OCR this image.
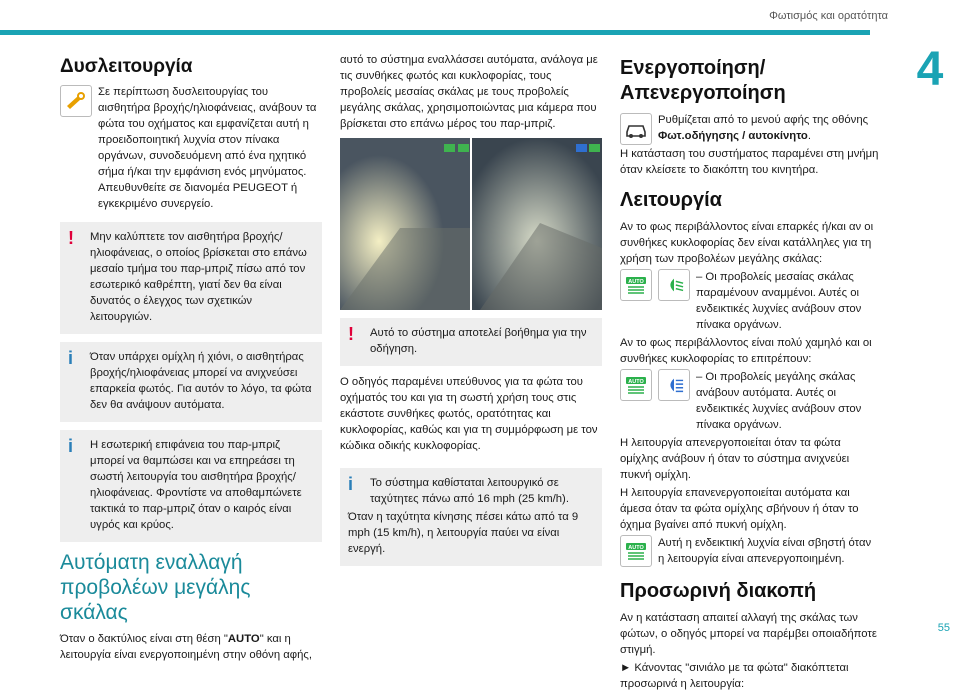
Φωτισμός και ορατότητα
4
55
Δυσλειτουργία

Σε περίπτωση δυσλειτουργίας του αισθητήρα βροχής/ηλιοφάνειας, ανάβουν τα φώτα του οχήματος και εμφανίζεται αυτή η προειδοποιητική λυχνία στον πίνακα οργάνων, συνοδευόμενη από ένα ηχητικό σήμα ή/και την εμφάνιση ενός μηνύματος. Απευθυνθείτε σε διανομέα PEUGEOT ή εγκεκριμένο συνεργείο.

!	Μην καλύπτετε τον αισθητήρα βροχής/ηλιοφάνειας, ο οποίος βρίσκεται στο επάνω μεσαίο τμήμα του παρ-μπριζ πίσω από τον εσωτερικό καθρέπτη, γιατί δεν θα είναι δυνατός ο έλεγχος των σχετικών λειτουργιών.

i	Όταν υπάρχει ομίχλη ή χιόνι, ο αισθητήρας βροχής/ηλιοφάνειας μπορεί να ανιχνεύσει επαρκεία φωτός. Για αυτόν το λόγο, τα φώτα δεν θα ανάψουν αυτόματα.

i	Η εσωτερική επιφάνεια του παρ-μπριζ μπορεί να θαμπώσει και να επηρεάσει τη σωστή λειτουργία του αισθητήρα βροχής/ηλιοφάνειας. Φροντίστε να αποθαμπώνετε τακτικά το παρ-μπριζ όταν ο καιρός είναι υγρός και κρύος.

Αυτόματη εναλλαγή προβολέων μεγάλης σκάλας

Όταν ο δακτύλιος είναι στη θέση "AUTO" και η λειτουργία είναι ενεργοποιημένη στην οθόνη αφής,

αυτό το σύστημα εναλλάσσει αυτόματα, ανάλογα με τις συνθήκες φωτός και κυκλοφορίας, τους προβολείς μεσαίας σκάλας με τους προβολείς μεγάλης σκάλας, χρησιμοποιώντας μια κάμερα που βρίσκεται στο επάνω μέρος του παρ-μπριζ.

!	Αυτό το σύστημα αποτελεί βοήθημα για την οδήγηση.

Ο οδηγός παραμένει υπεύθυνος για τα φώτα του οχήματός του και για τη σωστή χρήση τους στις εκάστοτε συνθήκες φωτός, ορατότητας και κυκλοφορίας, καθώς και για τη συμμόρφωση με τον κώδικα οδικής κυκλοφορίας.

i	Το σύστημα καθίσταται λειτουργικό σε ταχύτητες πάνω από 16 mph (25 km/h).

Όταν η ταχύτητα κίνησης πέσει κάτω από τα 9 mph (15 km/h), η λειτουργία παύει να είναι ενεργή.

Ενεργοποίηση/ Απενεργοποίηση

Ρυθμίζεται από το μενού αφής της οθόνης Φωτ.οδήγησης / αυτοκίνητο.

Η κατάσταση του συστήματος παραμένει στη μνήμη όταν κλείσετε το διακόπτη του κινητήρα.

Λειτουργία

Αν το φως περιβάλλοντος είναι επαρκές ή/και αν οι συνθήκες κυκλοφορίας δεν είναι κατάλληλες για τη χρήση των προβολέων μεγάλης σκάλας:

AUTO	– Οι προβολείς μεσαίας σκάλας παραμένουν αναμμένοι. Αυτές οι ενδεικτικές λυχνίες ανάβουν στον πίνακα οργάνων.

Αν το φως περιβάλλοντος είναι πολύ χαμηλό και οι συνθήκες κυκλοφορίας το επιτρέπουν:

AUTO	– Οι προβολείς μεγάλης σκάλας ανάβουν αυτόματα. Αυτές οι ενδεικτικές λυχνίες ανάβουν στον πίνακα οργάνων.

Η λειτουργία απενεργοποιείται όταν τα φώτα ομίχλης ανάβουν ή όταν το σύστημα ανιχνεύει πυκνή ομίχλη.

Η λειτουργία επανενεργοποιείται αυτόματα και άμεσα όταν τα φώτα ομίχλης σβήνουν ή όταν το όχημα βγαίνει από πυκνή ομίχλη.

AUTO Αυτή η ενδεικτική λυχνία είναι σβηστή όταν η λειτουργία είναι απενεργοποιημένη.

Προσωρινή διακοπή

Αν η κατάσταση απαιτεί αλλαγή της σκάλας των φώτων, ο οδηγός μπορεί να παρέμβει οποιαδήποτε στιγμή.

► Κάνοντας "σινιάλο με τα φώτα" διακόπτεται προσωρινά η λειτουργία:
